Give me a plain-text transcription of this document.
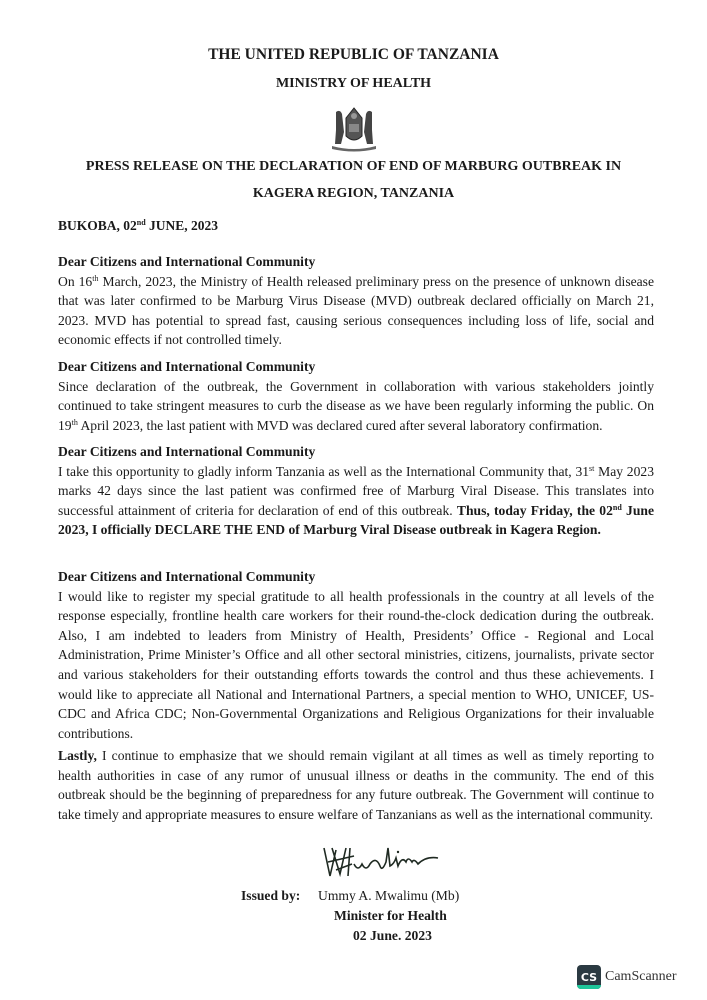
THE UNITED REPUBLIC OF TANZANIA
MINISTRY OF HEALTH
PRESS RELEASE ON THE DECLARATION OF END OF MARBURG OUTBREAK IN
KAGERA REGION, TANZANIA
BUKOBA, 02nd JUNE, 2023
Dear Citizens and International Community
On 16th March, 2023, the Ministry of Health released preliminary press on the presence of unknown disease that was later confirmed to be Marburg Virus Disease (MVD) outbreak declared officially on March 21, 2023. MVD has potential to spread fast, causing serious consequences including loss of life, social and economic effects if not controlled timely.
Dear Citizens and International Community
Since declaration of the outbreak, the Government in collaboration with various stakeholders jointly continued to take stringent measures to curb the disease as we have been regularly informing the public. On 19th April 2023, the last patient with MVD was declared cured after several laboratory confirmation.
Dear Citizens and International Community
I take this opportunity to gladly inform Tanzania as well as the International Community that, 31st May 2023 marks 42 days since the last patient was confirmed free of Marburg Viral Disease. This translates into successful attainment of criteria for declaration of end of this outbreak. Thus, today Friday, the 02nd June 2023, I officially DECLARE THE END of Marburg Viral Disease outbreak in Kagera Region.
Dear Citizens and International Community
I would like to register my special gratitude to all health professionals in the country at all levels of the response especially, frontline health care workers for their round-the-clock dedication during the outbreak. Also, I am indebted to leaders from Ministry of Health, Presidents’ Office - Regional and Local Administration, Prime Minister’s Office and all other sectoral ministries, citizens, journalists, private sector and various stakeholders for their outstanding efforts towards the control and thus these achievements. I would like to appreciate all National and International Partners, a special mention to WHO, UNICEF, US- CDC and Africa CDC; Non-Governmental Organizations and Religious Organizations for their invaluable contributions.
Lastly, I continue to emphasize that we should remain vigilant at all times as well as timely reporting to health authorities in case of any rumor of unusual illness or deaths in the community. The end of this outbreak should be the beginning of preparedness for any future outbreak. The Government will continue to take timely and appropriate measures to ensure welfare of Tanzanians as well as the international community.
Issued by: Ummy A. Mwalimu (Mb)
Minister for Health
02 June. 2023
CS CamScanner
